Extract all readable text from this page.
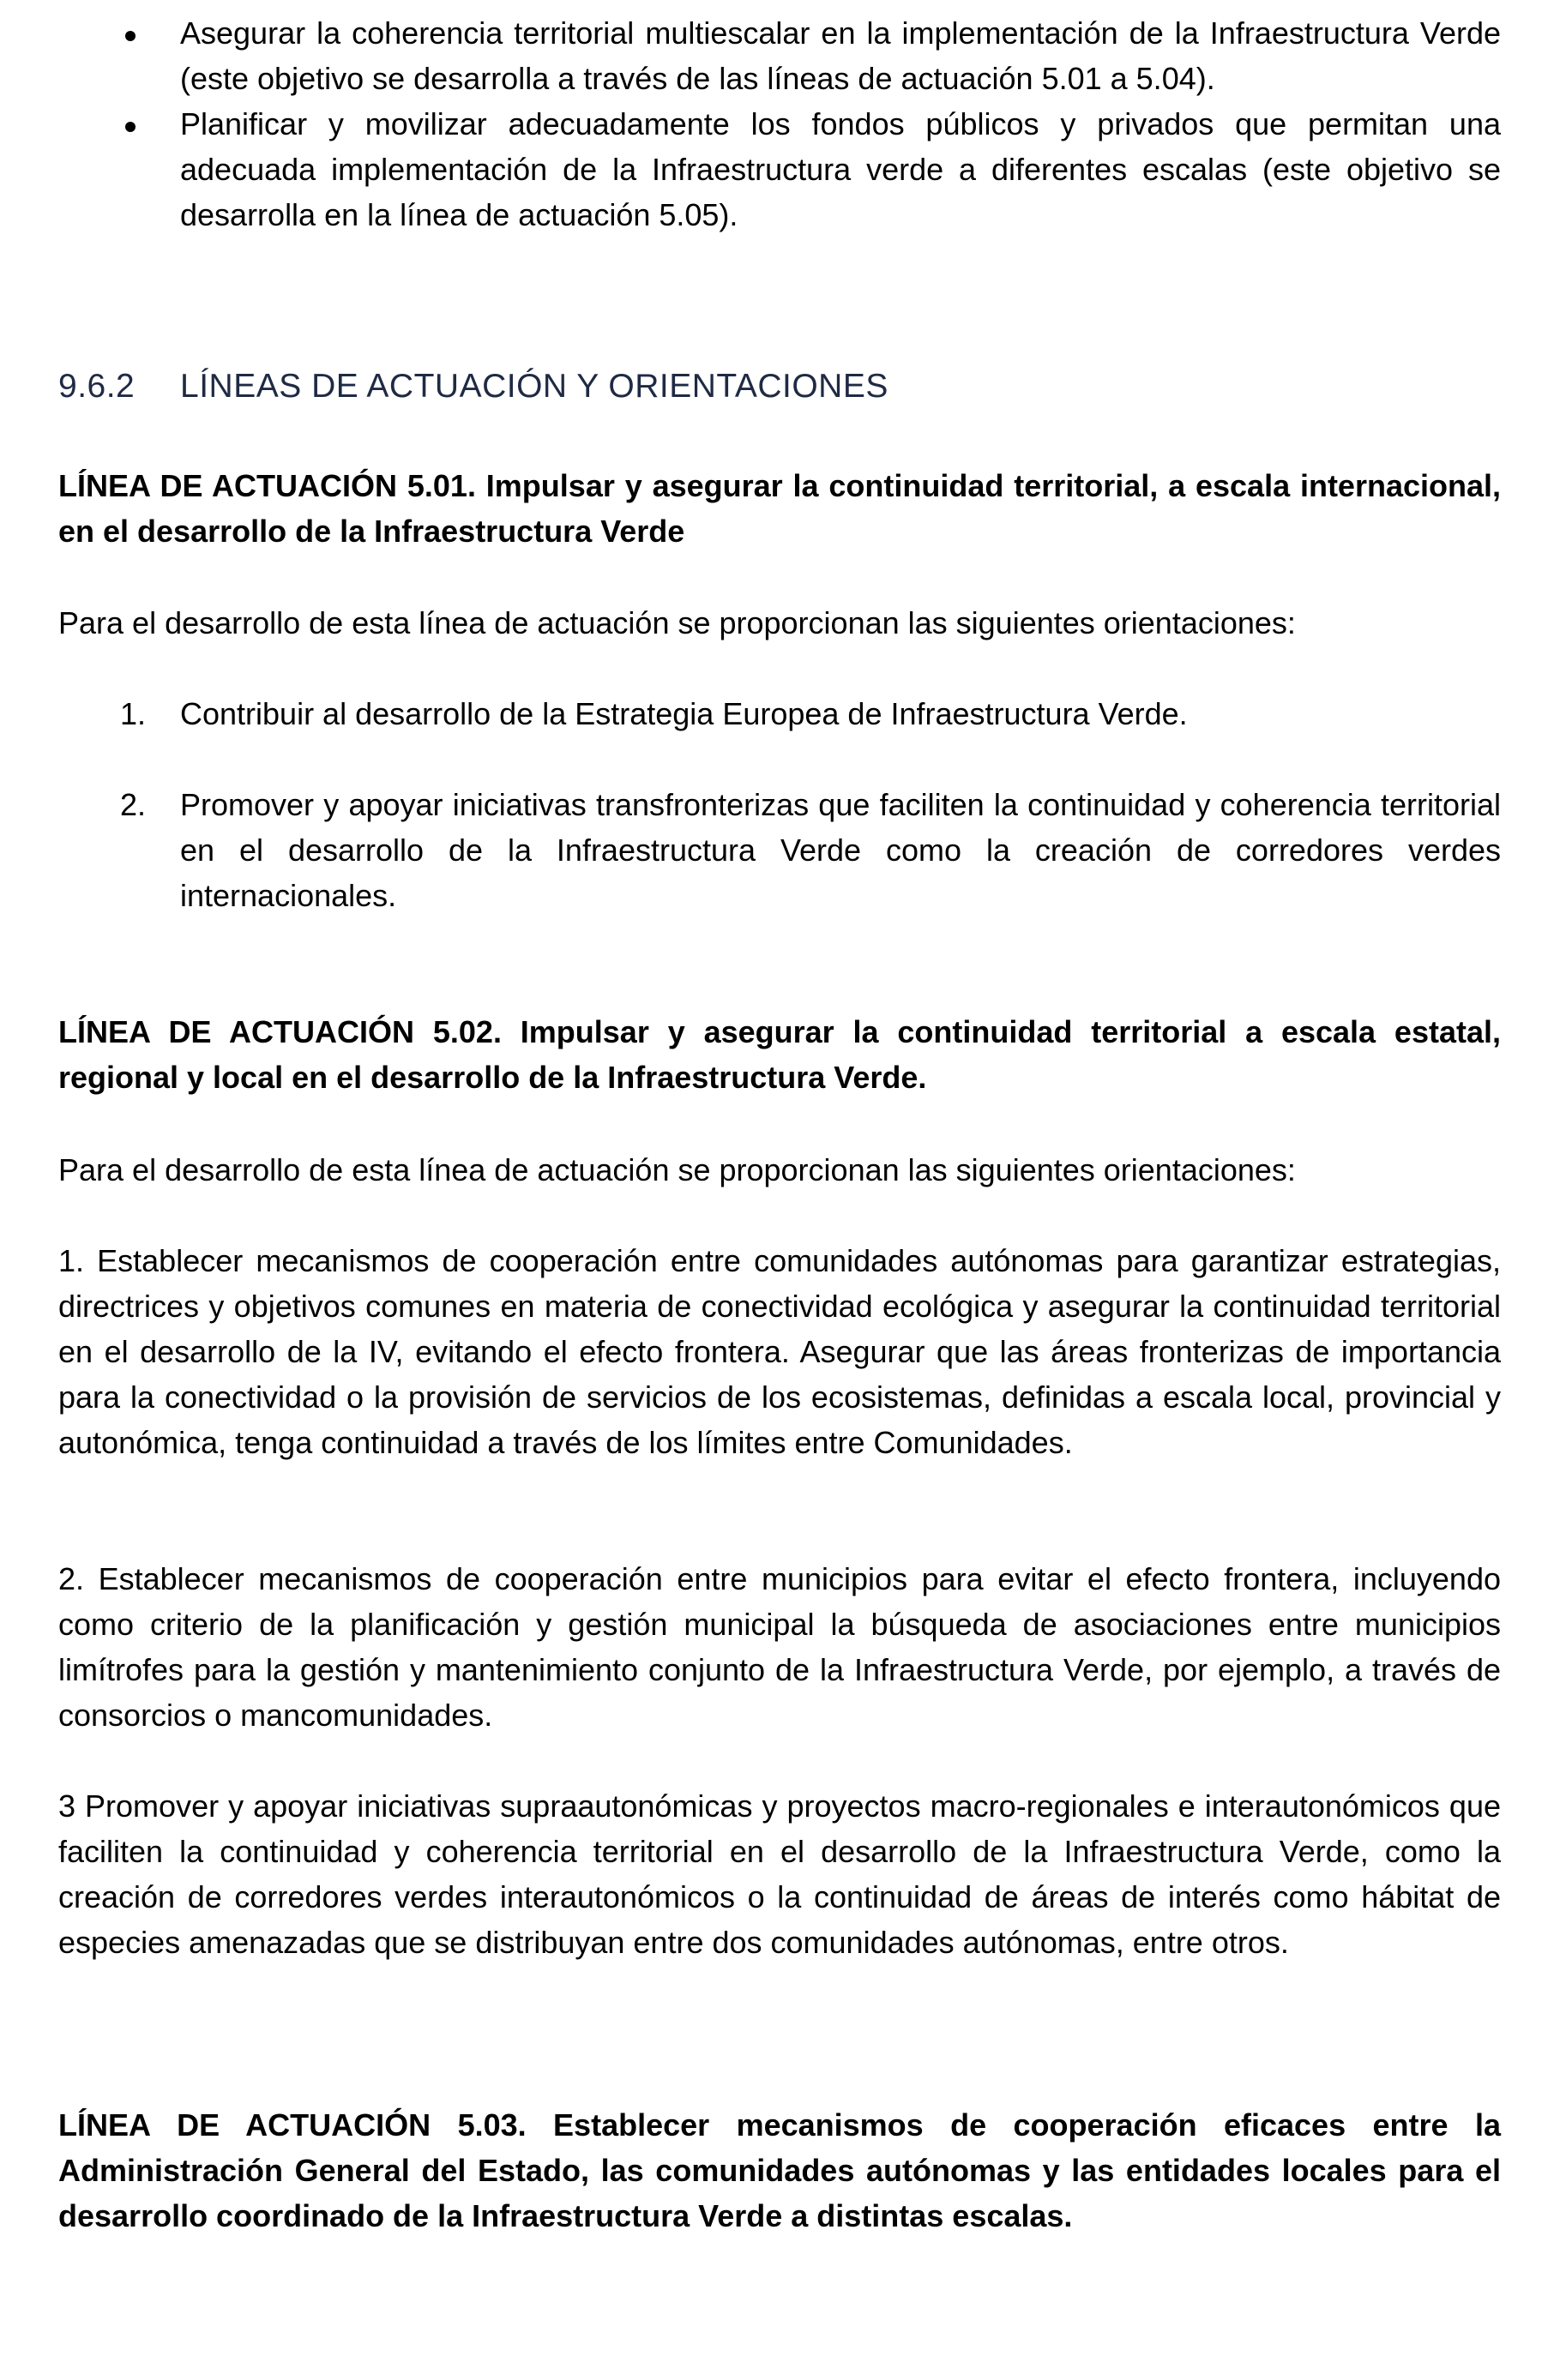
Asegurar la coherencia territorial multiescalar en la implementación de la Infraestructura Verde (este objetivo se desarrolla a través de las líneas de actuación 5.01 a 5.04).
Planificar y movilizar adecuadamente los fondos públicos y privados que permitan una adecuada implementación de la Infraestructura verde a diferentes escalas (este objetivo se desarrolla en la línea de actuación 5.05).
9.6.2 LÍNEAS DE ACTUACIÓN Y ORIENTACIONES

LÍNEA DE ACTUACIÓN 5.01. Impulsar y asegurar la continuidad territorial, a escala internacional, en el desarrollo de la Infraestructura Verde

Para el desarrollo de esta línea de actuación se proporcionan las siguientes orientaciones:

1. Contribuir al desarrollo de la Estrategia Europea de Infraestructura Verde.
2. Promover y apoyar iniciativas transfronterizas que faciliten la continuidad y coherencia territorial en el desarrollo de la Infraestructura Verde como la creación de corredores verdes internacionales.

LÍNEA DE ACTUACIÓN 5.02. Impulsar y asegurar la continuidad territorial a escala estatal, regional y local en el desarrollo de la Infraestructura Verde.

Para el desarrollo de esta línea de actuación se proporcionan las siguientes orientaciones:

1. Establecer mecanismos de cooperación entre comunidades autónomas para garantizar estrategias, directrices y objetivos comunes en materia de conectividad ecológica y asegurar la continuidad territorial en el desarrollo de la IV, evitando el efecto frontera. Asegurar que las áreas fronterizas de importancia para la conectividad o la provisión de servicios de los ecosistemas, definidas a escala local, provincial y autonómica, tenga continuidad a través de los límites entre Comunidades.

2. Establecer mecanismos de cooperación entre municipios para evitar el efecto frontera, incluyendo como criterio de la planificación y gestión municipal la búsqueda de asociaciones entre municipios limítrofes para la gestión y mantenimiento conjunto de la Infraestructura Verde, por ejemplo, a través de consorcios o mancomunidades.

3 Promover y apoyar iniciativas supraautonómicas y proyectos macro-regionales e interautonómicos que faciliten la continuidad y coherencia territorial en el desarrollo de la Infraestructura Verde, como la creación de corredores verdes interautonómicos o la continuidad de áreas de interés como hábitat de especies amenazadas que se distribuyan entre dos comunidades autónomas, entre otros.

LÍNEA DE ACTUACIÓN 5.03. Establecer mecanismos de cooperación eficaces entre la Administración General del Estado, las comunidades autónomas y las entidades locales para el desarrollo coordinado de la Infraestructura Verde a distintas escalas.
